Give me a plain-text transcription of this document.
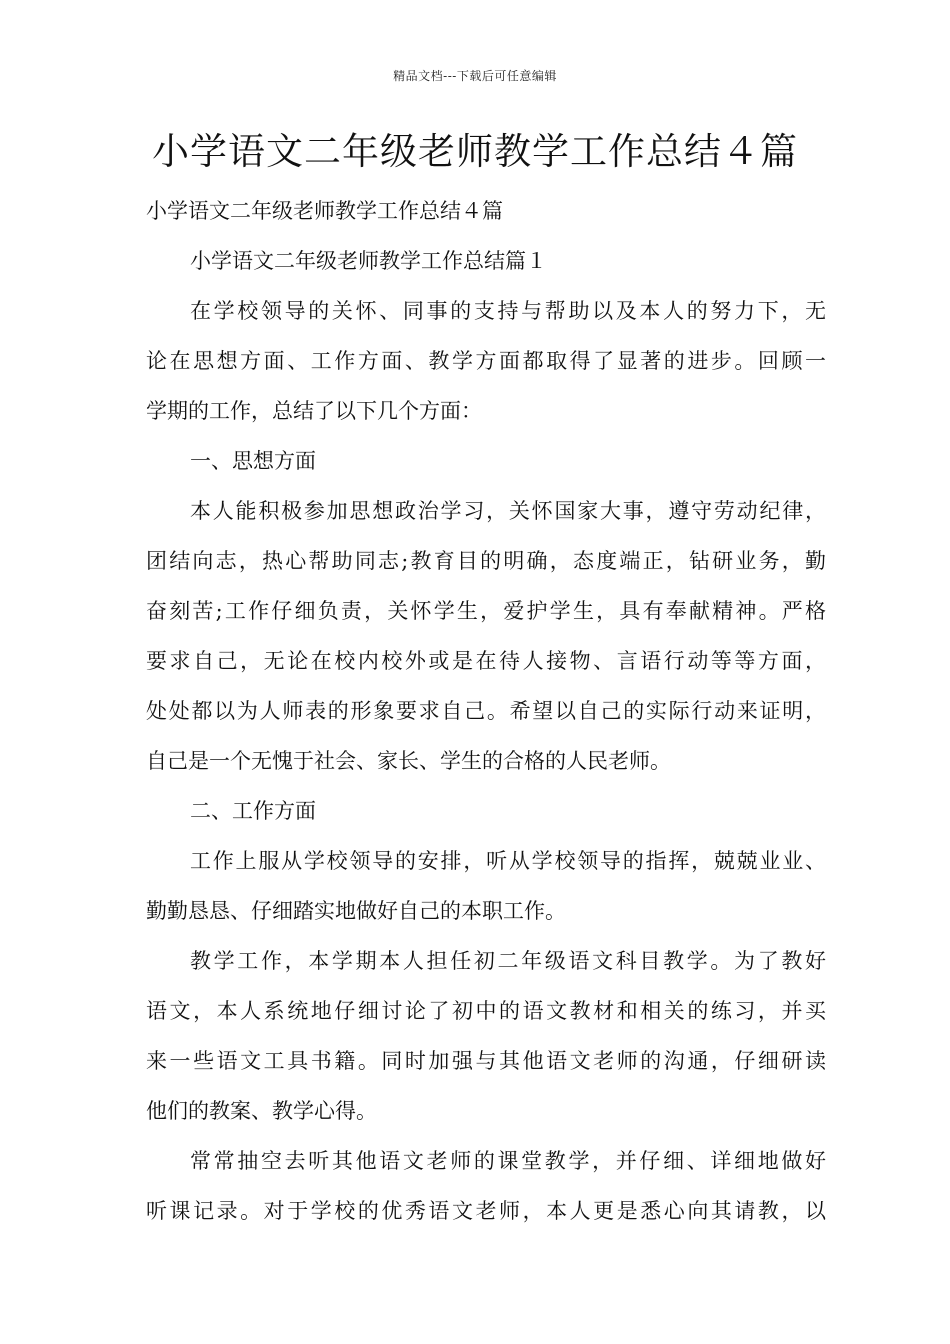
精品文档---下载后可任意编辑
小学语文二年级老师教学工作总结４篇

小学语文二年级老师教学工作总结４篇

小学语文二年级老师教学工作总结篇１

在学校领导的关怀、同事的支持与帮助以及本人的努力下，无

论在思想方面、工作方面、教学方面都取得了显著的进步。回顾一

学期的工作，总结了以下几个方面：

一、思想方面

本人能积极参加思想政治学习，关怀国家大事，遵守劳动纪律，

团结向志，热心帮助同志;教育目的明确，态度端正，钻研业务，勤

奋刻苦;工作仔细负责，关怀学生，爱护学生，具有奉献精神。严格

要求自己，无论在校内校外或是在待人接物、言语行动等等方面，

处处都以为人师表的形象要求自己。希望以自己的实际行动来证明，

自己是一个无愧于社会、家长、学生的合格的人民老师。

二、工作方面

工作上服从学校领导的安排，听从学校领导的指挥，兢兢业业、

勤勤恳恳、仔细踏实地做好自己的本职工作。

教学工作，本学期本人担任初二年级语文科目教学。为了教好

语文，本人系统地仔细讨论了初中的语文教材和相关的练习，并买

来一些语文工具书籍。同时加强与其他语文老师的沟通，仔细研读

他们的教案、教学心得。

常常抽空去听其他语文老师的课堂教学，并仔细、详细地做好

听课记录。对于学校的优秀语文老师，本人更是悉心向其请教，以
